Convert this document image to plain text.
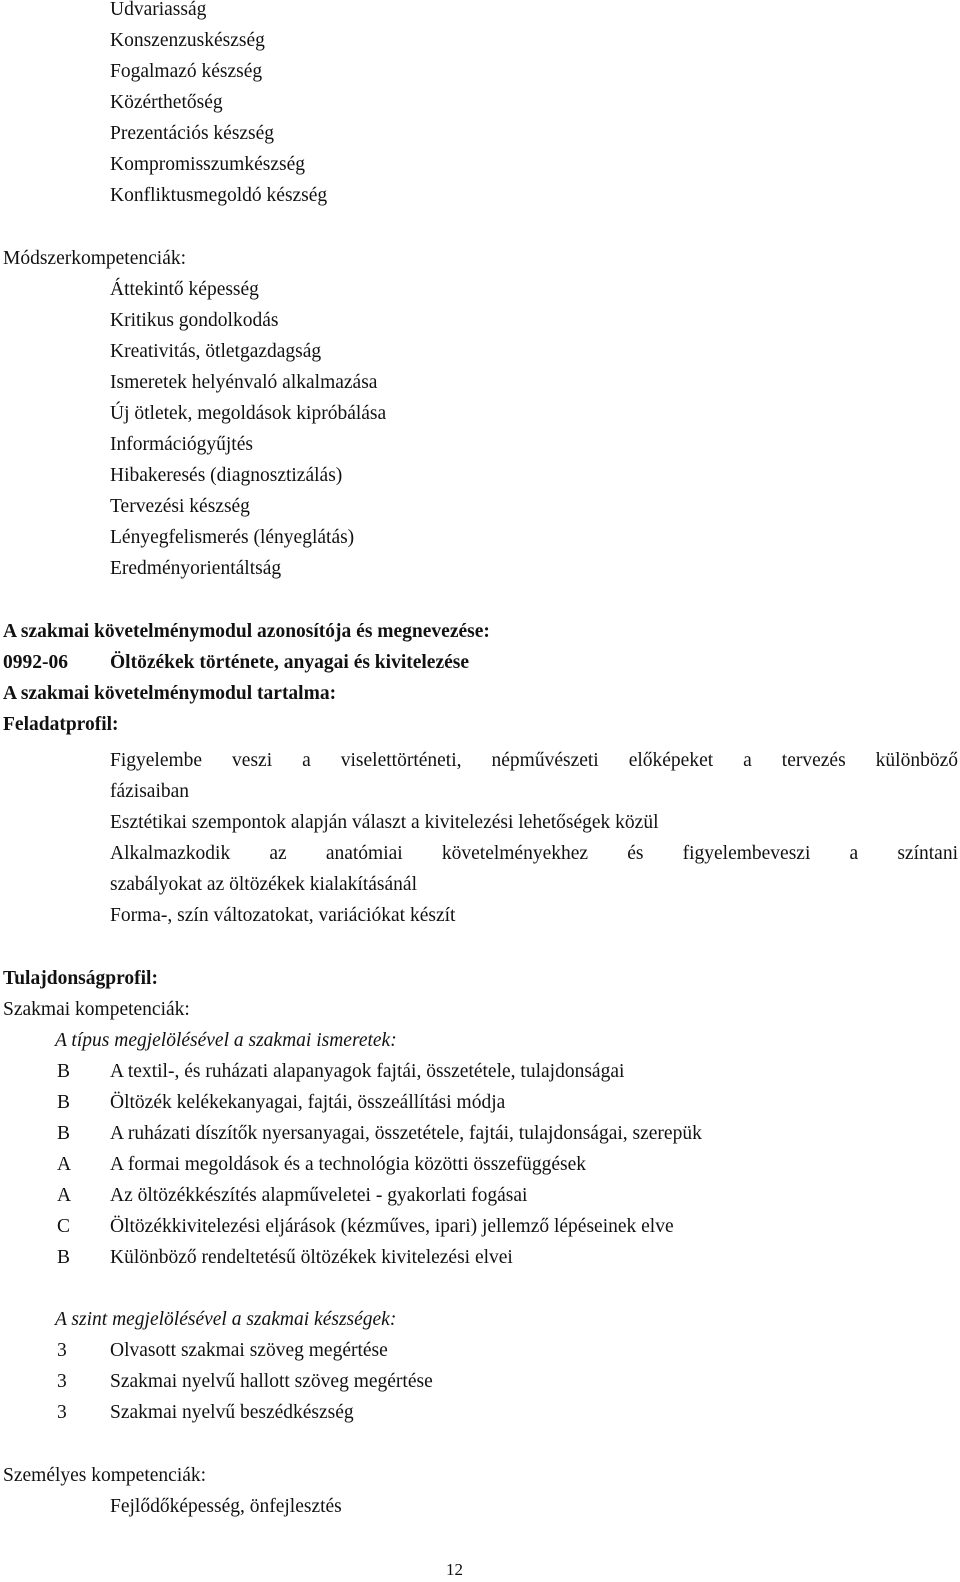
Udvariasság
Konszenzuskészség
Fogalmazó készség
Közérthetőség
Prezentációs készség
Kompromisszumkészség
Konfliktusmegoldó készség
Módszerkompetenciák:
Áttekintő képesség
Kritikus gondolkodás
Kreativitás, ötletgazdagság
Ismeretek helyénvaló alkalmazása
Új ötletek, megoldások kipróbálása
Információgyűjtés
Hibakeresés (diagnosztizálás)
Tervezési készség
Lényegfelismerés (lényeglátás)
Eredményorientáltság
A szakmai követelménymodul azonosítója és megnevezése:
0992-06 Öltözékek története, anyagai és kivitelezése
A szakmai követelménymodul tartalma:
Feladatprofil:
Figyelembe veszi a viselettörténeti, népművészeti előképeket a tervezés különböző
fázisaiban
Esztétikai szempontok alapján választ a kivitelezési lehetőségek közül
Alkalmazkodik az anatómiai követelményekhez és figyelembeveszi a színtani
szabályokat az öltözékek kialakításánál
Forma-, szín változatokat, variációkat készít
Tulajdonságprofil:
Szakmai kompetenciák:
A típus megjelölésével a szakmai ismeretek:
B	A textil-, és ruházati alapanyagok fajtái, összetétele, tulajdonságai
B	Öltözék kelékekanyagai, fajtái, összeállítási módja
B	A ruházati díszítők nyersanyagai, összetétele, fajtái, tulajdonságai, szerepük
A	A formai megoldások és a technológia közötti összefüggések
A	Az öltözékkészítés alapműveletei - gyakorlati fogásai
C	Öltözékkivitelezési eljárások (kézműves, ipari) jellemző lépéseinek elve
B	Különböző rendeltetésű öltözékek kivitelezési elvei
A szint megjelölésével a szakmai készségek:
3	Olvasott szakmai szöveg megértése
3	Szakmai nyelvű hallott szöveg megértése
3	Szakmai nyelvű beszédkészség
Személyes kompetenciák:
Fejlődőképesség, önfejlesztés
12
